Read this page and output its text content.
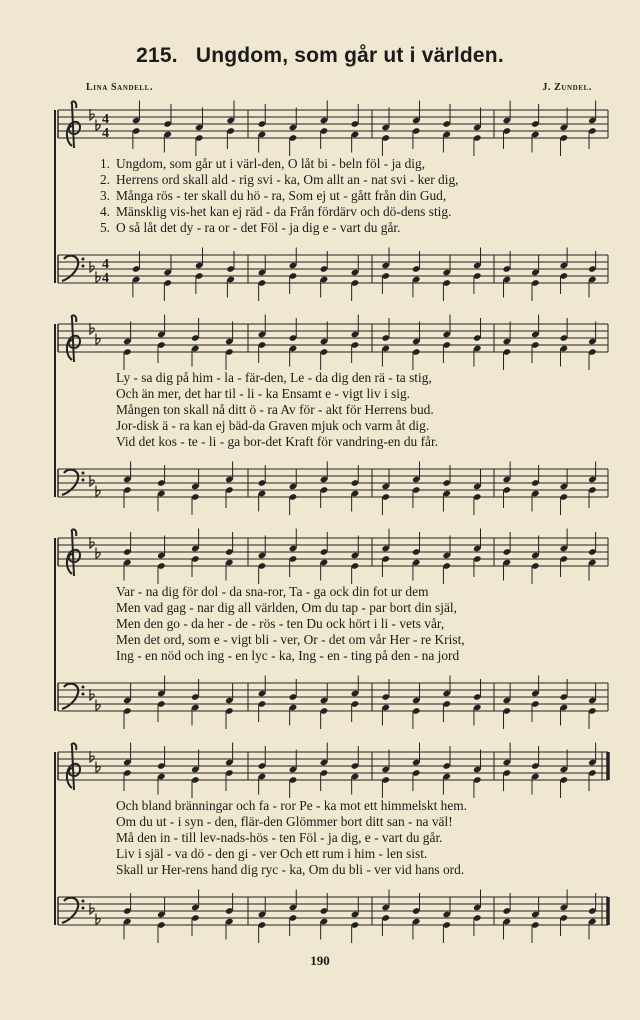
215. Ungdom, som går ut i världen.
Lina Sandell.	J. Zundel.
4
4
1. Ungdom, som går ut i värl-den, O låt bi - beln föl - ja dig,
2. Herrens ord skall ald - rig svi - ka, Om allt an - nat svi - ker dig,
3. Många rös - ter skall du hö - ra, Som ej ut - gått från din Gud,
4. Mänsklig vis-het kan ej räd - da Från fördärv och dö-dens stig.
5. O så låt det dy - ra or - det Föl - ja dig e - vart du går.
4
4
Ly - sa dig på him - la - fär-den, Le - da dig den rä - ta stig,
Och än mer, det har til - li - ka Ensamt e - vigt liv i sig.
Mången ton skall nå ditt ö - ra Av för - akt för Herrens bud.
Jor-disk ä - ra kan ej bäd-da Graven mjuk och varm åt dig.
Vid det kos - te - li - ga bor-det Kraft för vandring-en du får.
Var - na dig för dol - da sna-ror, Ta - ga ock din fot ur dem
Men vad gag - nar dig all världen, Om du tap - par bort din själ,
Men den go - da her - de - rös - ten Du ock hört i li - vets vår,
Men det ord, som e - vigt bli - ver, Or - det om vår Her - re Krist,
Ing - en nöd och ing - en lyc - ka, Ing - en - ting på den - na jord
Och bland bränningar och fa - ror Pe - ka mot ett himmelskt hem.
Om du ut - i syn - den, flär-den Glömmer bort ditt san - na väl!
Må den in - till lev-nads-hös - ten Föl - ja dig, e - vart du går.
Liv i själ - va dö - den gi - ver Och ett rum i him - len sist.
Skall ur Her-rens hand dig ryc - ka, Om du bli - ver vid hans ord.
190
